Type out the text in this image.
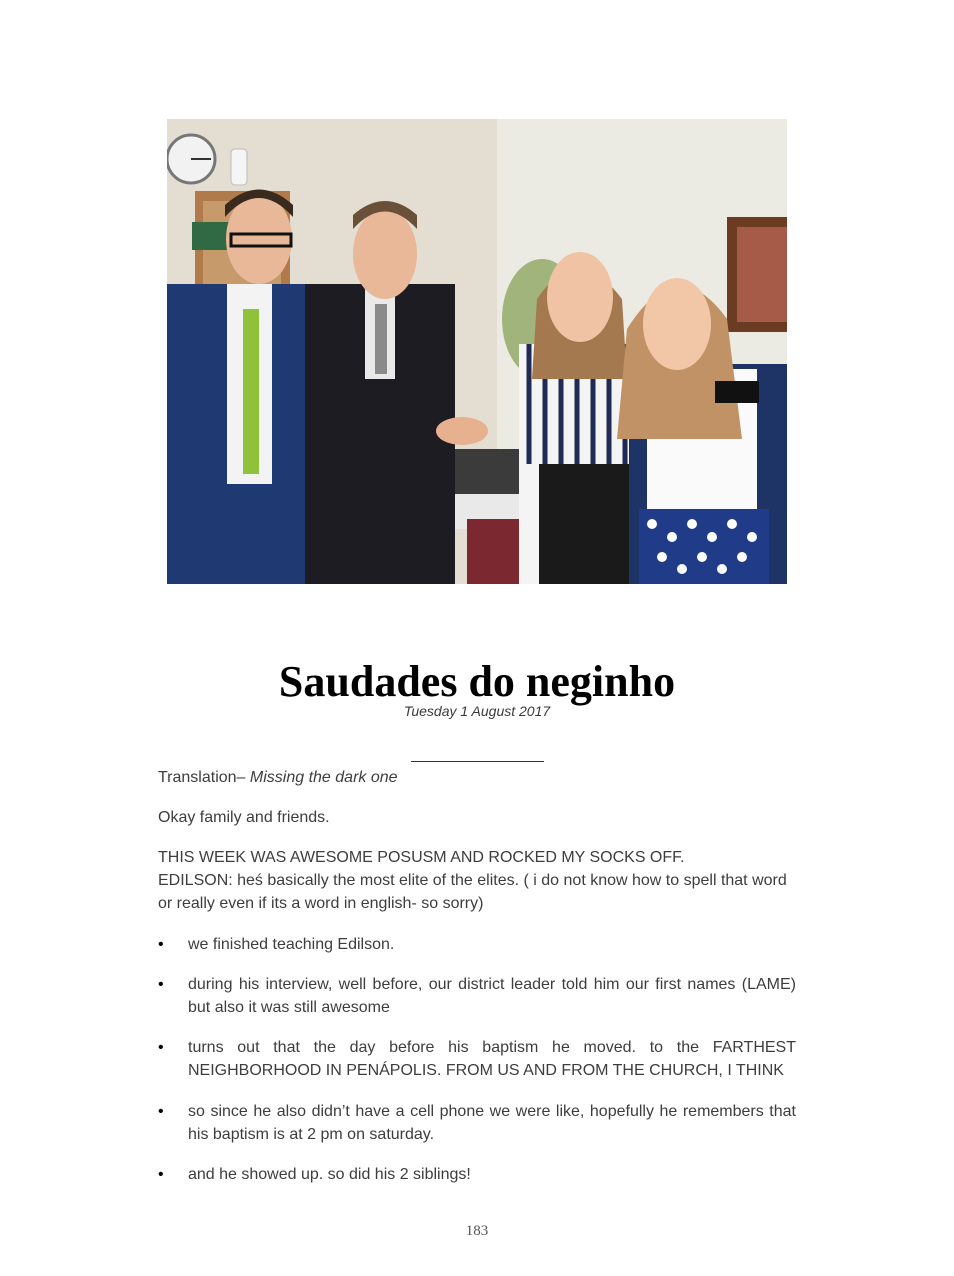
Saudades do neginho
Tuesday 1 August 2017
Translation– Missing the dark one
Okay family and friends.
THIS WEEK WAS AWESOME POSUSM AND ROCKED MY SOCKS OFF.
EDILSON: heś basically the most elite of the elites. ( i do not know how to spell that word or really even if its a word in english- so sorry)
•	we finished teaching Edilson.
•	during his interview, well before, our district leader told him our first names (LAME) but also it was still awesome
•	turns out that the day before his baptism he moved. to the FARTHEST NEIGHBORHOOD IN PENÁPOLIS. FROM US AND FROM THE CHURCH, I THINK
•	so since he also didn’t have a cell phone we were like, hopefully he remembers that his baptism is at 2 pm on saturday.
•	and he showed up. so did his 2 siblings!
183
